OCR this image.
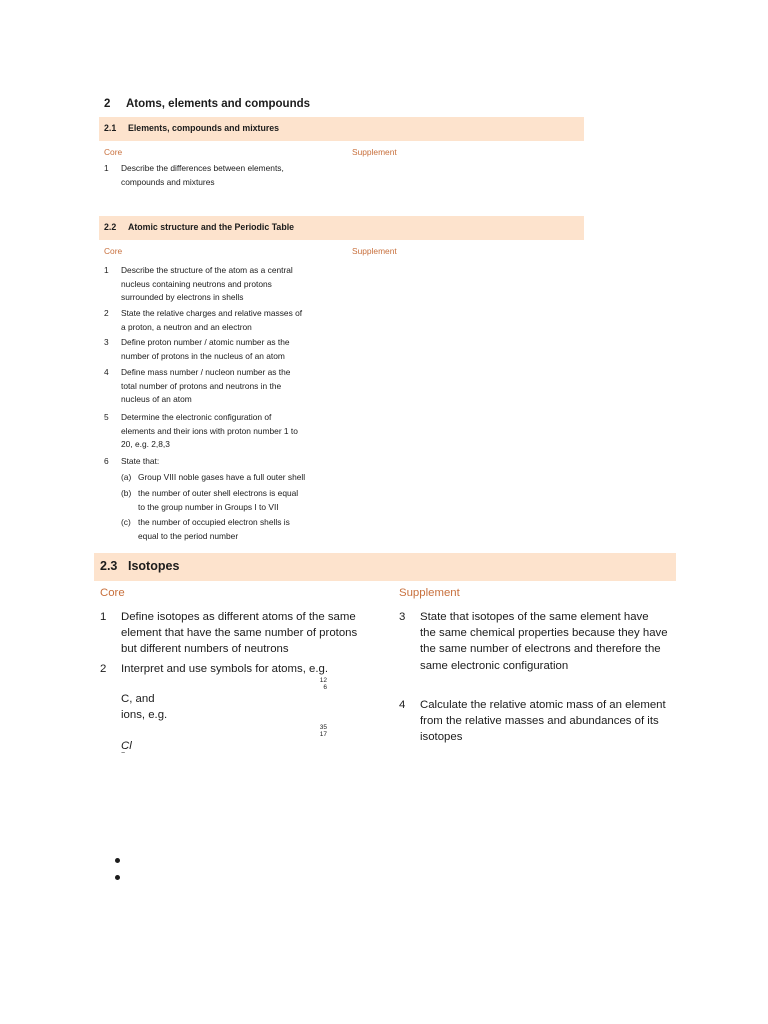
2 Atoms, elements and compounds
2.1 Elements, compounds and mixtures
Core	Supplement
1	Describe the differences between elements,
compounds and mixtures
2.2 Atomic structure and the Periodic Table
Core	Supplement
1	Describe the structure of the atom as a central
nucleus containing neutrons and protons
surrounded by electrons in shells
2	State the relative charges and relative masses of
a proton, a neutron and an electron
3	Define proton number / atomic number as the
number of protons in the nucleus of an atom
4	Define mass number / nucleon number as the
total number of protons and neutrons in the
nucleus of an atom
5	Determine the electronic configuration of
elements and their ions with proton number 1 to
20, e.g. 2,8,3
6	State that:
(a) Group VIII noble gases have a full outer shell
(b) the number of outer shell electrons is equal
to the group number in Groups I to VII
(c) the number of occupied electron shells is
equal to the period number
2.3 Isotopes
Core	Supplement
1	Define isotopes as different atoms of the same
element that have the same number of protons
but different numbers of neutrons
2	Interpret and use symbols for atoms, e.g.
12
6
C, and
ions, e.g.
35
17
Cl
−
3	State that isotopes of the same element have
the same chemical properties because they have
the same number of electrons and therefore the
same electronic configuration
4	Calculate the relative atomic mass of an element
from the relative masses and abundances of its
isotopes
